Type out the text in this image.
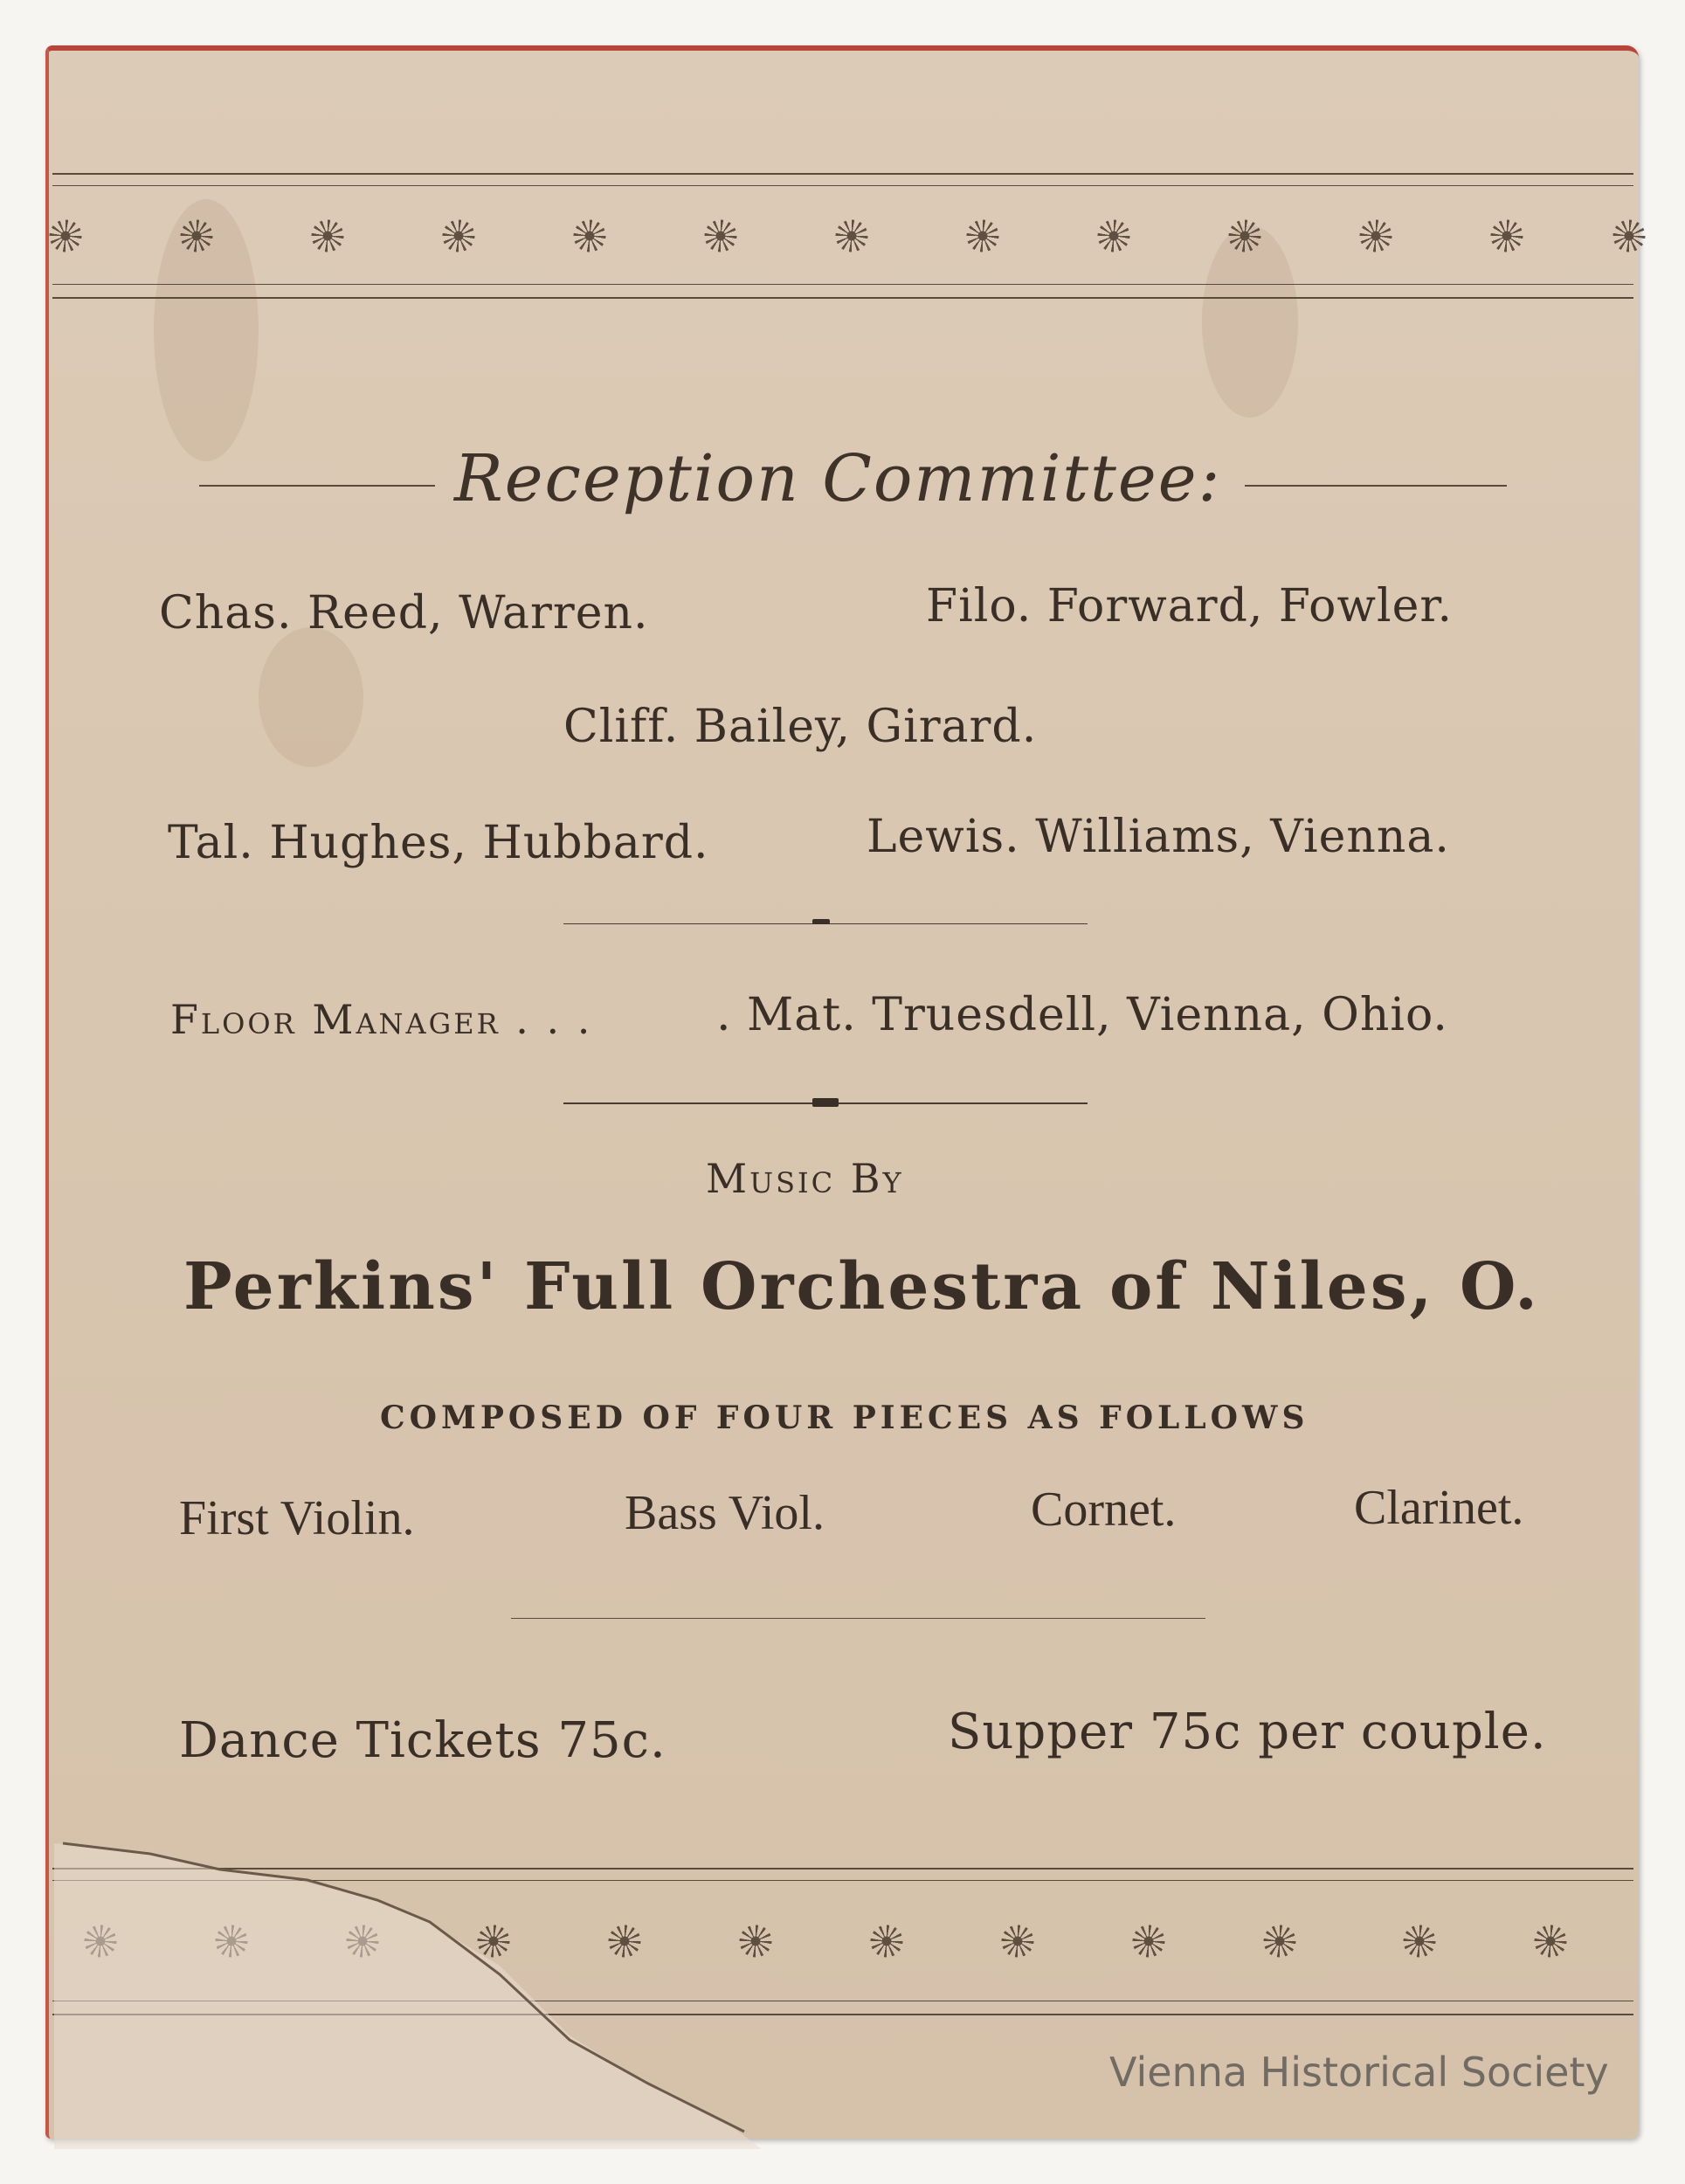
Reception Committee:
Chas. Reed, Warren.	Filo. Forward, Fowler.
Cliff. Bailey, Girard.
Tal. Hughes, Hubbard.	Lewis. Williams, Vienna.
Floor Manager . . .	. Mat. Truesdell, Vienna, Ohio.
Music By
Perkins' Full Orchestra of Niles, O.
COMPOSED OF FOUR PIECES AS FOLLOWS
First Violin.	Bass Viol.	Cornet.	Clarinet.
Dance Tickets 75c.	Supper 75c per couple.
Vienna Historical Society
